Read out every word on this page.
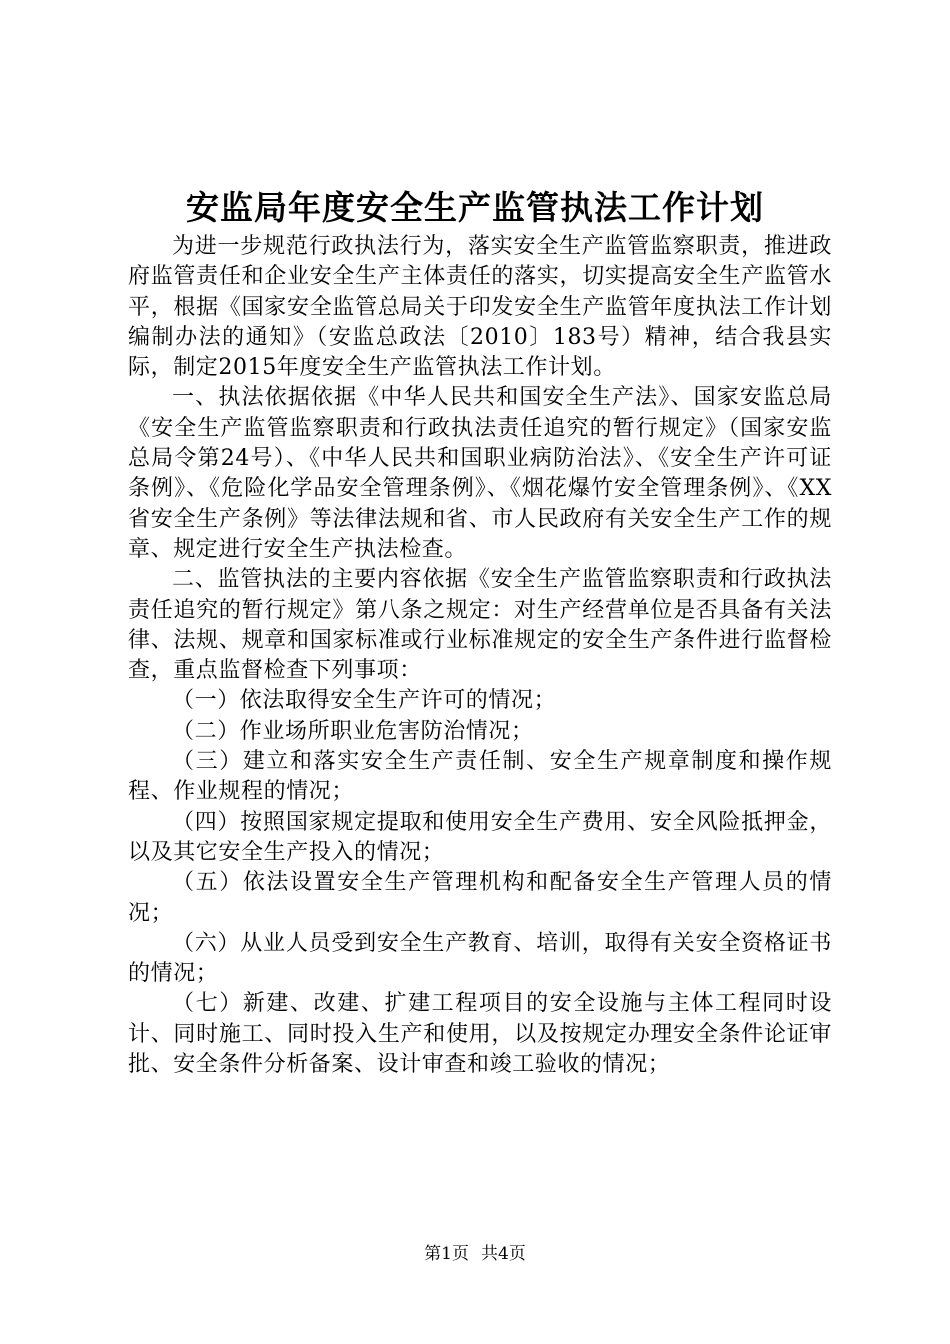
安监局年度安全生产监管执法工作计划

为进一步规范行政执法行为，落实安全生产监管监察职责，推进政府监管责任和企业安全生产主体责任的落实，切实提高安全生产监管水平，根据《国家安全监管总局关于印发安全生产监管年度执法工作计划编制办法的通知》（安监总政法〔2010〕183号）精神，结合我县实际，制定2015年度安全生产监管执法工作计划。

一、执法依据依据《中华人民共和国安全生产法》、国家安监总局《安全生产监管监察职责和行政执法责任追究的暂行规定》（国家安监总局令第24号）、《中华人民共和国职业病防治法》、《安全生产许可证条例》、《危险化学品安全管理条例》、《烟花爆竹安全管理条例》、《XX省安全生产条例》等法律法规和省、市人民政府有关安全生产工作的规章、规定进行安全生产执法检查。

二、监管执法的主要内容依据《安全生产监管监察职责和行政执法责任追究的暂行规定》第八条之规定：对生产经营单位是否具备有关法律、法规、规章和国家标准或行业标准规定的安全生产条件进行监督检查，重点监督检查下列事项：

（一）依法取得安全生产许可的情况；

（二）作业场所职业危害防治情况；

（三）建立和落实安全生产责任制、安全生产规章制度和操作规程、作业规程的情况；

（四）按照国家规定提取和使用安全生产费用、安全风险抵押金，以及其它安全生产投入的情况；

（五）依法设置安全生产管理机构和配备安全生产管理人员的情况；

（六）从业人员受到安全生产教育、培训，取得有关安全资格证书的情况；

（七）新建、改建、扩建工程项目的安全设施与主体工程同时设计、同时施工、同时投入生产和使用，以及按规定办理安全条件论证审批、安全条件分析备案、设计审查和竣工验收的情况；

第1页 共4页
